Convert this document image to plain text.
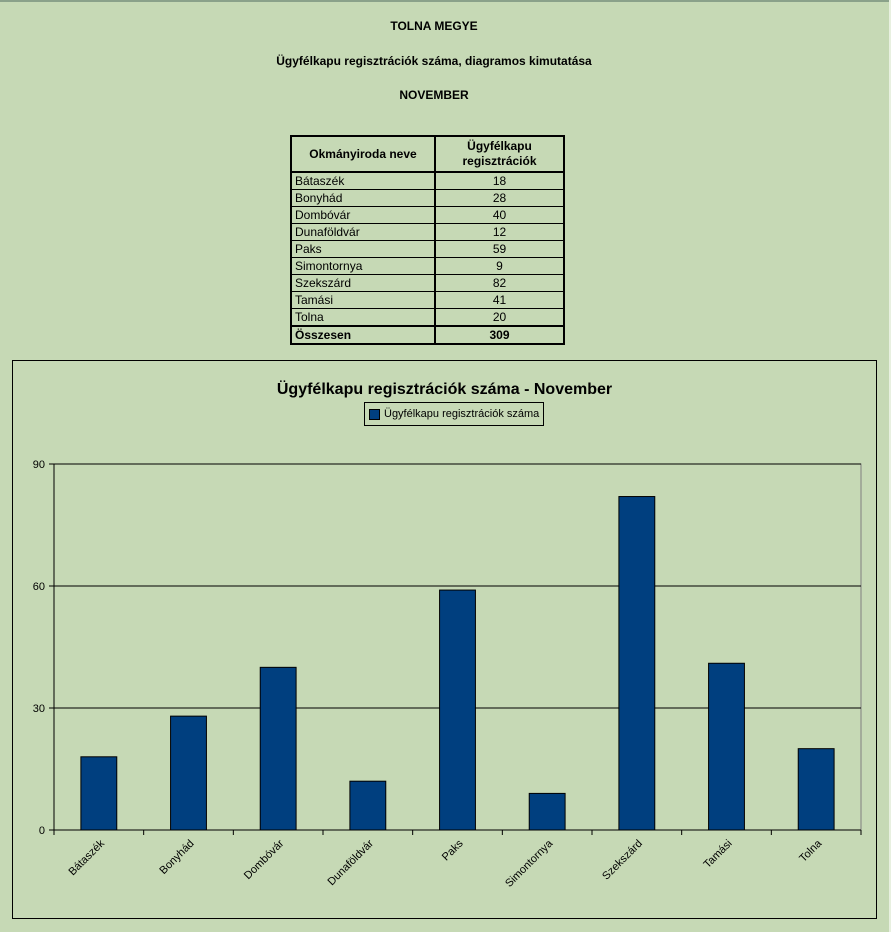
TOLNA MEGYE
Ügyfélkapu regisztrációk száma, diagramos kimutatása
NOVEMBER
Okmányiroda neve	Ügyfélkapu regisztrációk
Bátaszék	18
Bonyhád	28
Dombóvár	40
Dunaföldvár	12
Paks	59
Simontornya	9
Szekszárd	82
Tamási	41
Tolna	20
Összesen	309
0
30
60
90
Bátaszék	Bonyhád	Dombóvár	Dunaföldvár	Paks	Simontornya	Szekszárd	Tamási	Tolna
Ügyfélkapu regisztrációk száma - November
Ügyfélkapu regisztrációk száma
